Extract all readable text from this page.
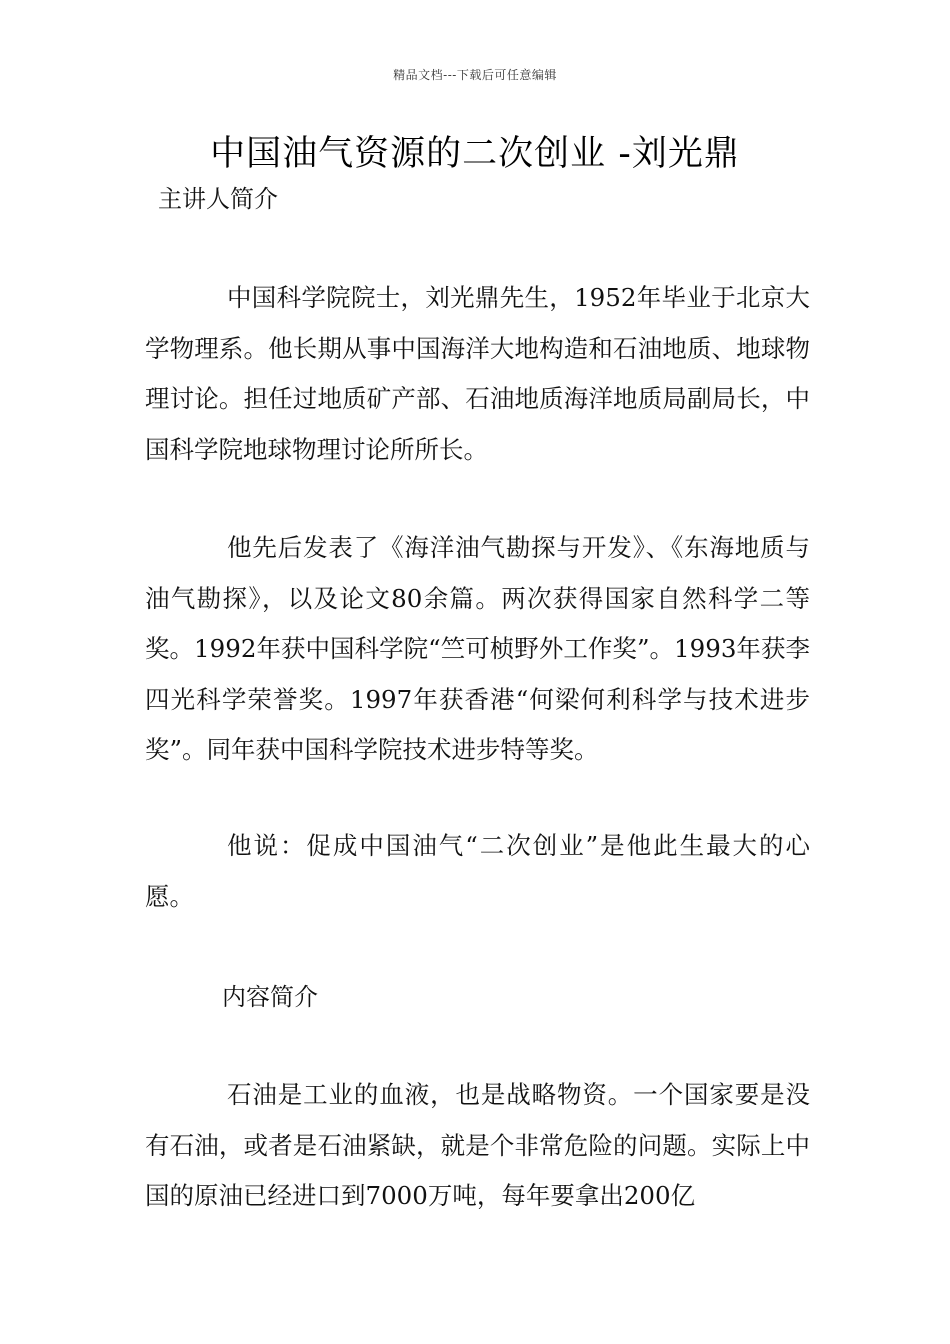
精品文档---下载后可任意编辑
中国油气资源的二次创业 -刘光鼎
主讲人简介

中国科学院院士，刘光鼎先生，1952年毕业于北京大学物理系。他长期从事中国海洋大地构造和石油地质、地球物理讨论。担任过地质矿产部、石油地质海洋地质局副局长，中国科学院地球物理讨论所所长。

他先后发表了《海洋油气勘探与开发》、《东海地质与油气勘探》，以及论文80余篇。两次获得国家自然科学二等奖。1992年获中国科学院“竺可桢野外工作奖”。1993年获李四光科学荣誉奖。1997年获香港“何梁何利科学与技术进步奖”。同年获中国科学院技术进步特等奖。

他说：促成中国油气“二次创业”是他此生最大的心愿。

内容简介

石油是工业的血液，也是战略物资。一个国家要是没有石油，或者是石油紧缺，就是个非常危险的问题。实际上中国的原油已经进口到7000万吨，每年要拿出200亿
